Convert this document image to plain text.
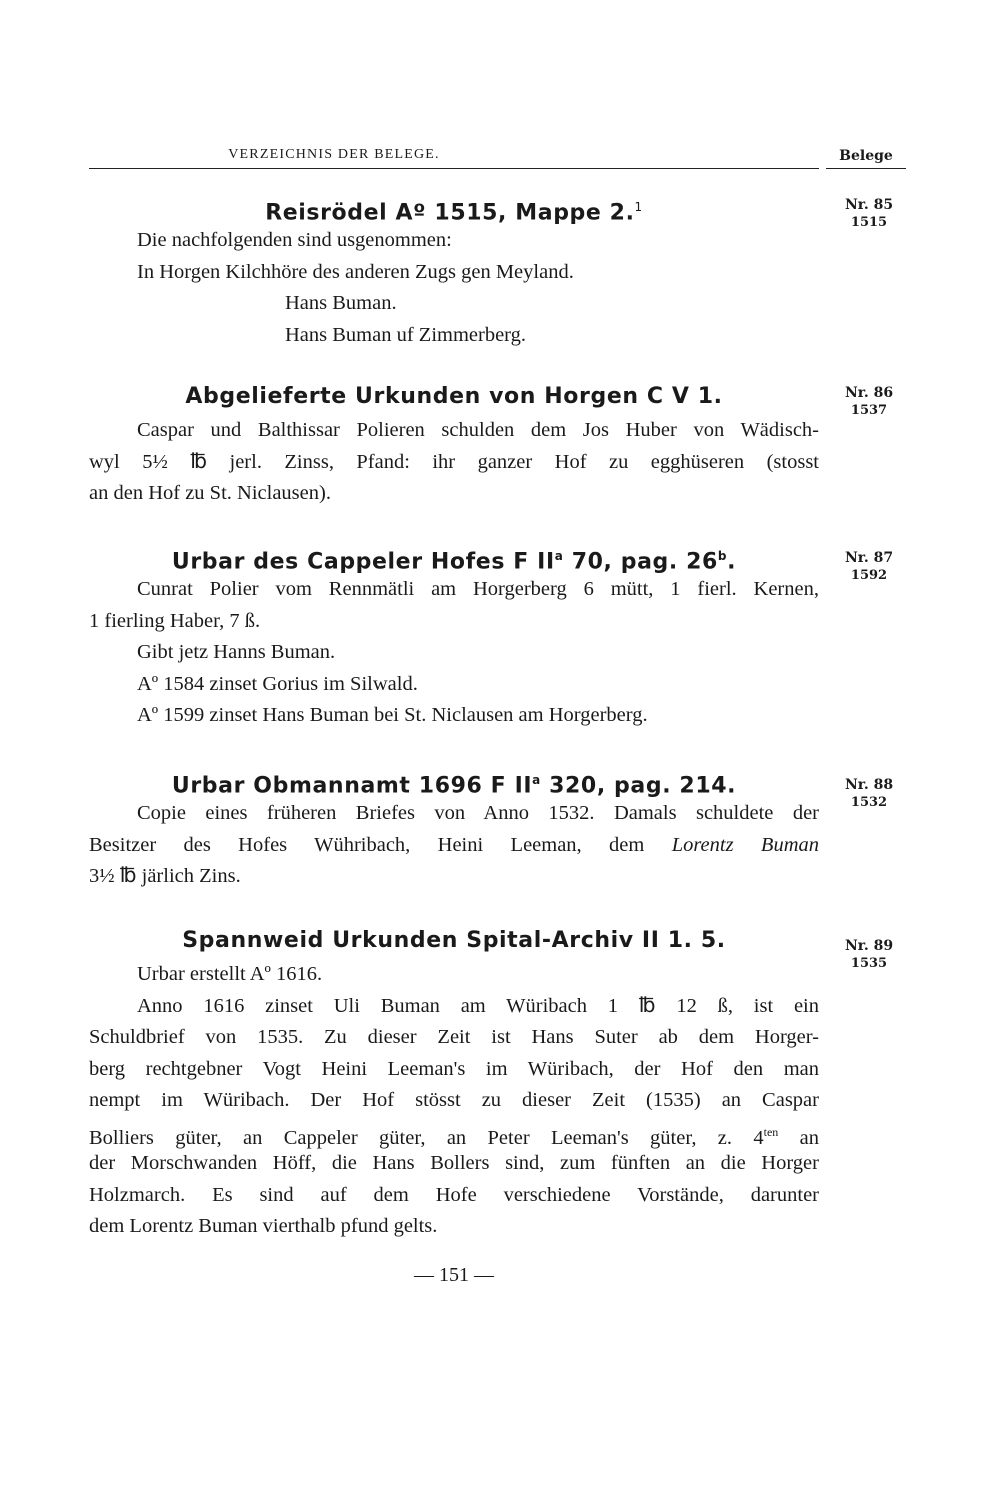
VERZEICHNIS DER BELEGE.	Belege
Reisrödel Aº 1515, Mappe 2.$^1$
Die nachfolgenden sind usgenommen:
In Horgen Kilchhöre des anderen Zugs gen Meyland.
Hans Buman.
Hans Buman uf Zimmerberg.
Nr. 85
1515
Abgelieferte Urkunden von Horgen C V 1.
Caspar und Balthissar Polieren schulden dem Jos Huber von Wädisch-
wyl 5½ ℔ jerl. Zinss, Pfand: ihr ganzer Hof zu egghüseren (stosst
an den Hof zu St. Niclausen).
Nr. 86
1537
Urbar des Cappeler Hofes F $II^a$ 70, pag. 26$^b$.
Cunrat Polier vom Rennmätli am Horgerberg 6 mütt, 1 fierl. Kernen,
1 fierling Haber, 7 ß.
Gibt jetz Hanns Buman.
Aº 1584 zinset Gorius im Silwald.
Aº 1599 zinset Hans Buman bei St. Niclausen am Horgerberg.
Nr. 87
1592
Urbar Obmannamt 1696 F $II^a$ 320, pag. 214.
Copie eines früheren Briefes von Anno 1532. Damals schuldete der
Besitzer des Hofes Wühribach, Heini Leeman, dem Lorentz Buman
3½ ℔ järlich Zins.
Nr. 88
1532
Spannweid Urkunden Spital-Archiv II 1. 5.
Urbar erstellt Aº 1616.
Anno 1616 zinset Uli Buman am Würibach 1 ℔ 12 ß, ist ein
Schuldbrief von 1535. Zu dieser Zeit ist Hans Suter ab dem Horger-
berg rechtgebner Vogt Heini Leeman's im Würibach, der Hof den man
nempt im Würibach. Der Hof stösst zu dieser Zeit (1535) an Caspar
Bolliers güter, an Cappeler güter, an Peter Leeman's güter, z. $4^{ten}$ an
der Morschwanden Höff, die Hans Bollers sind, zum fünften an die Horger
Holzmarch. Es sind auf dem Hofe verschiedene Vorstände, darunter
dem Lorentz Buman vierthalb pfund gelts.
Nr. 89
1535
— 151 —
